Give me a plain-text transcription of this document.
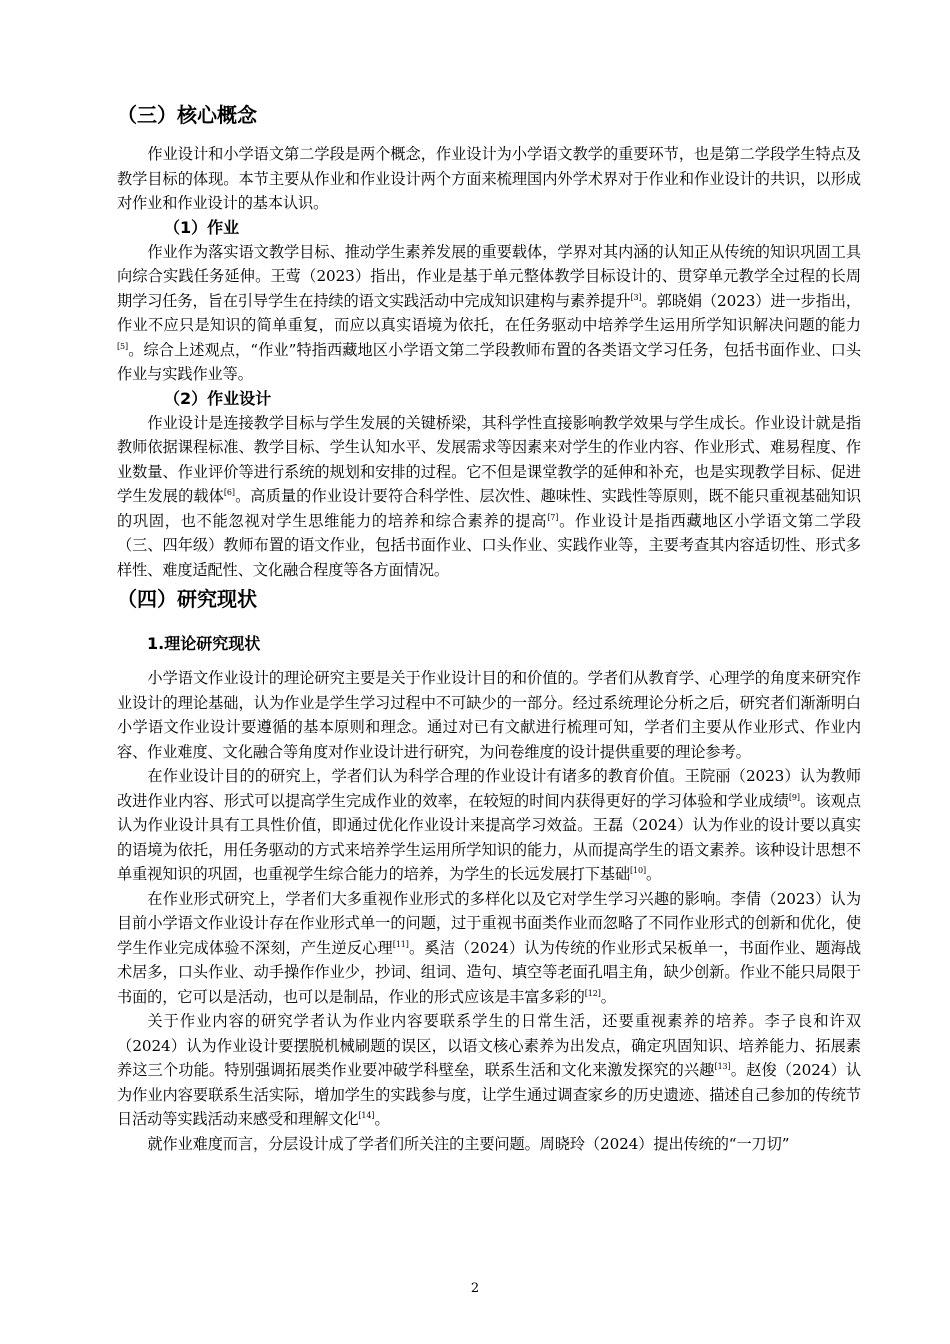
（三）核心概念

作业设计和小学语文第二学段是两个概念，作业设计为小学语文教学的重要环节，也是第二学段学生特点及教学目标的体现。本节主要从作业和作业设计两个方面来梳理国内外学术界对于作业和作业设计的共识，以形成对作业和作业设计的基本认识。

（1）作业

作业作为落实语文教学目标、推动学生素养发展的重要载体，学界对其内涵的认知正从传统的知识巩固工具向综合实践任务延伸。王莺（2023）指出，作业是基于单元整体教学目标设计的、贯穿单元教学全过程的长周期学习任务，旨在引导学生在持续的语文实践活动中完成知识建构与素养提升[3]。郭晓娟（2023）进一步指出，作业不应只是知识的简单重复，而应以真实语境为依托，在任务驱动中培养学生运用所学知识解决问题的能力[5]。综合上述观点，“作业”特指西藏地区小学语文第二学段教师布置的各类语文学习任务，包括书面作业、口头作业与实践作业等。

（2）作业设计

作业设计是连接教学目标与学生发展的关键桥梁，其科学性直接影响教学效果与学生成长。作业设计就是指教师依据课程标准、教学目标、学生认知水平、发展需求等因素来对学生的作业内容、作业形式、难易程度、作业数量、作业评价等进行系统的规划和安排的过程。它不但是课堂教学的延伸和补充，也是实现教学目标、促进学生发展的载体[6]。高质量的作业设计要符合科学性、层次性、趣味性、实践性等原则，既不能只重视基础知识的巩固，也不能忽视对学生思维能力的培养和综合素养的提高[7]。作业设计是指西藏地区小学语文第二学段（三、四年级）教师布置的语文作业，包括书面作业、口头作业、实践作业等，主要考查其内容适切性、形式多样性、难度适配性、文化融合程度等各方面情况。

（四）研究现状
1.理论研究现状

小学语文作业设计的理论研究主要是关于作业设计目的和价值的。学者们从教育学、心理学的角度来研究作业设计的理论基础，认为作业是学生学习过程中不可缺少的一部分。经过系统理论分析之后，研究者们渐渐明白小学语文作业设计要遵循的基本原则和理念。通过对已有文献进行梳理可知，学者们主要从作业形式、作业内容、作业难度、文化融合等角度对作业设计进行研究，为问卷维度的设计提供重要的理论参考。

在作业设计目的的研究上，学者们认为科学合理的作业设计有诸多的教育价值。王院丽（2023）认为教师改进作业内容、形式可以提高学生完成作业的效率，在较短的时间内获得更好的学习体验和学业成绩[9]。该观点认为作业设计具有工具性价值，即通过优化作业设计来提高学习效益。王磊（2024）认为作业的设计要以真实的语境为依托，用任务驱动的方式来培养学生运用所学知识的能力，从而提高学生的语文素养。该种设计思想不单重视知识的巩固，也重视学生综合能力的培养，为学生的长远发展打下基础[10]。

在作业形式研究上，学者们大多重视作业形式的多样化以及它对学生学习兴趣的影响。李倩（2023）认为目前小学语文作业设计存在作业形式单一的问题，过于重视书面类作业而忽略了不同作业形式的创新和优化，使学生作业完成体验不深刻，产生逆反心理[11]。奚洁（2024）认为传统的作业形式呆板单一，书面作业、题海战术居多，口头作业、动手操作作业少，抄词、组词、造句、填空等老面孔唱主角，缺少创新。作业不能只局限于书面的，它可以是活动，也可以是制品，作业的形式应该是丰富多彩的[12]。

关于作业内容的研究学者认为作业内容要联系学生的日常生活，还要重视素养的培养。李子良和许双（2024）认为作业设计要摆脱机械刷题的误区，以语文核心素养为出发点，确定巩固知识、培养能力、拓展素养这三个功能。特别强调拓展类作业要冲破学科壁垒，联系生活和文化来激发探究的兴趣[13]。赵俊（2024）认为作业内容要联系生活实际，增加学生的实践参与度，让学生通过调查家乡的历史遗迹、描述自己参加的传统节日活动等实践活动来感受和理解文化[14]。

就作业难度而言，分层设计成了学者们所关注的主要问题。周晓玲（2024）提出传统的“一刀切”

2
